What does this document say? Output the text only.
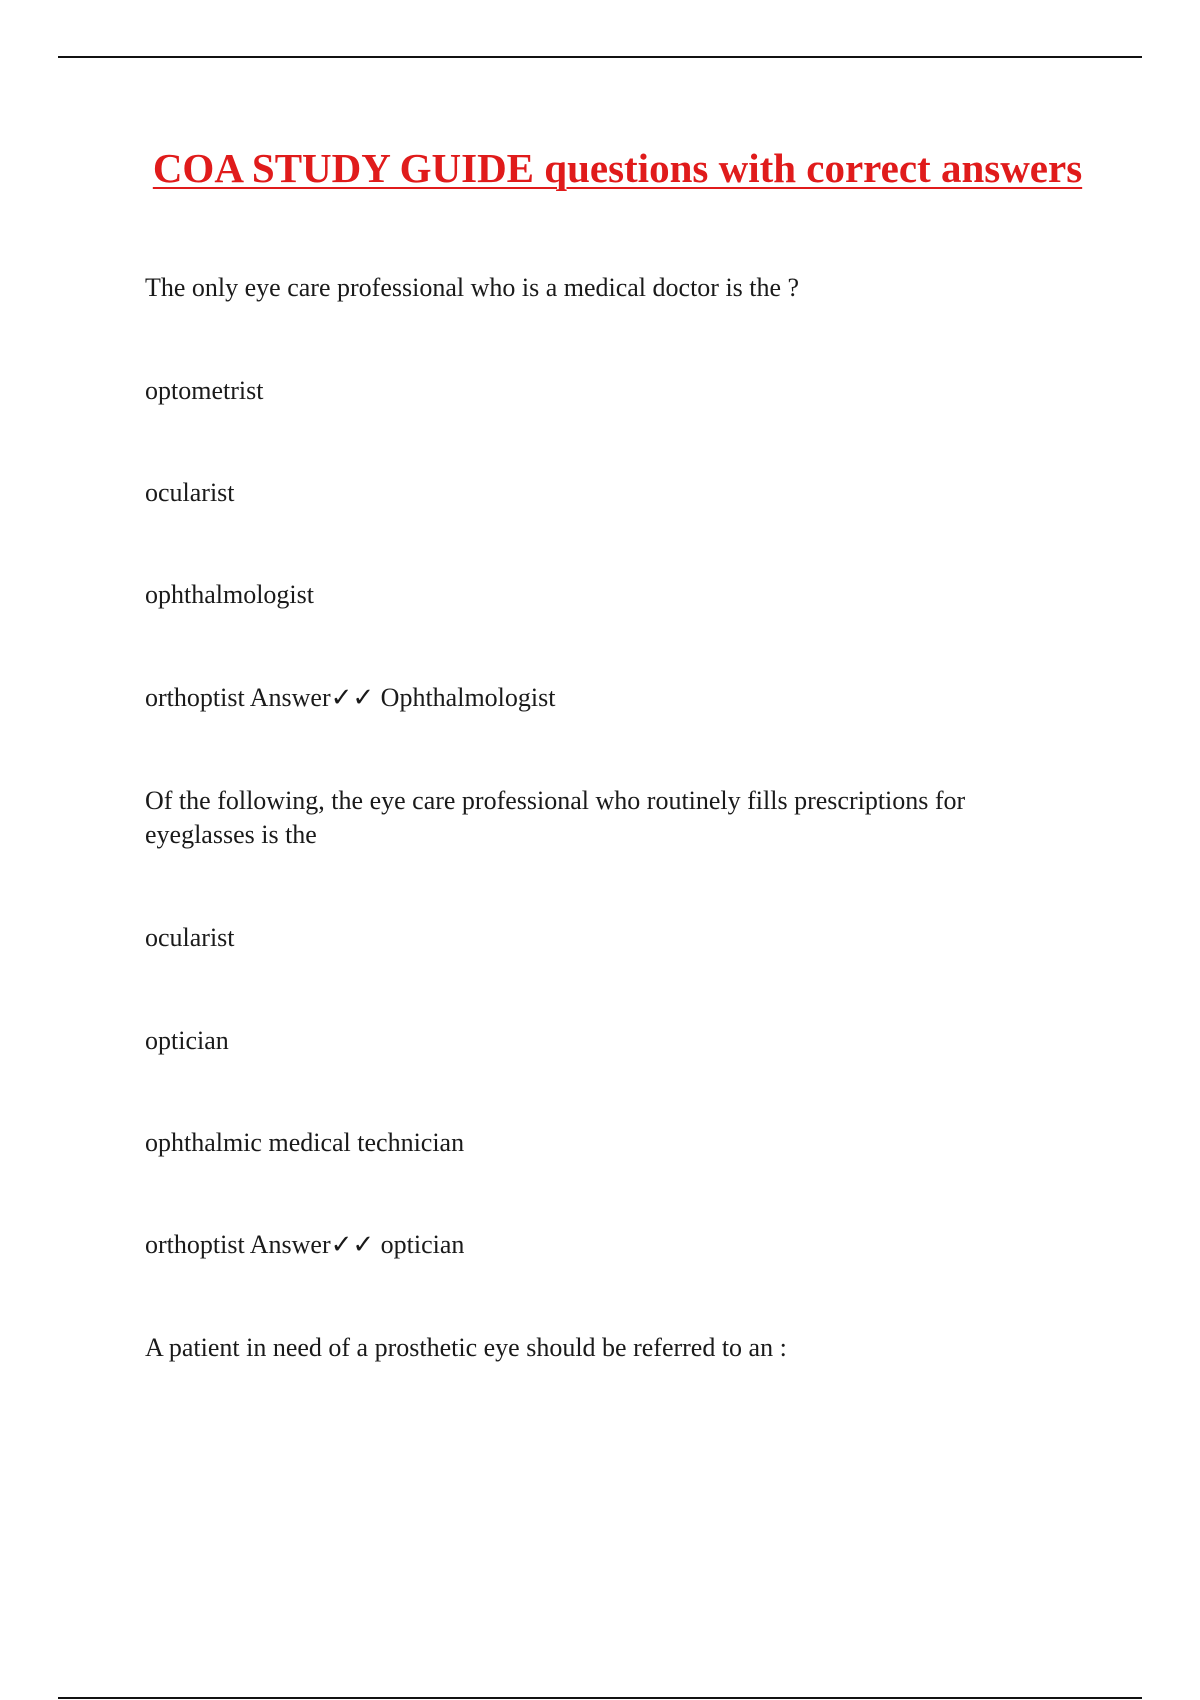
COA STUDY GUIDE questions with correct answers

The only eye care professional who is a medical doctor is the ?

optometrist

ocularist

ophthalmologist

orthoptist Answer✓✓ Ophthalmologist

Of the following, the eye care professional who routinely fills prescriptions for eyeglasses is the

ocularist

optician

ophthalmic medical technician

orthoptist Answer✓✓ optician

A patient in need of a prosthetic eye should be referred to an :
